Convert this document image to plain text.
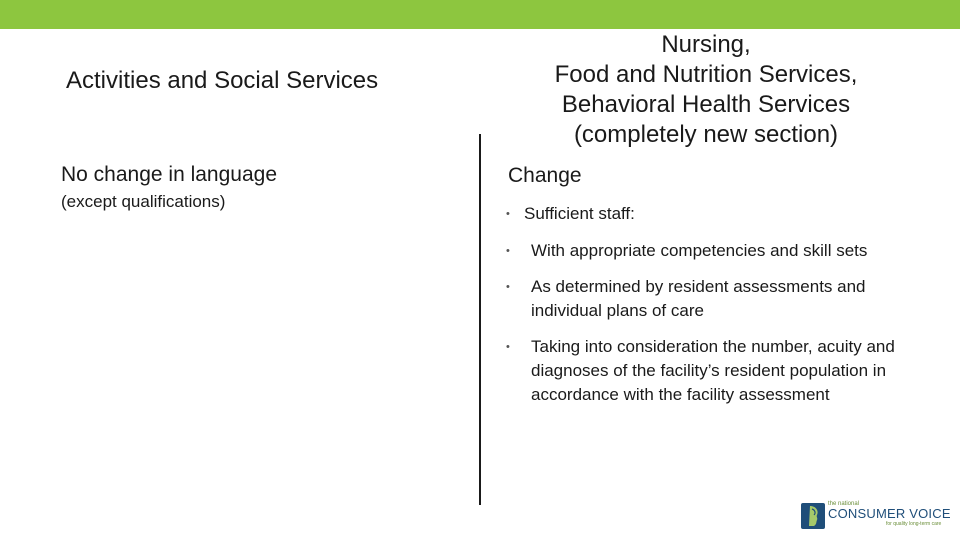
Activities and Social Services
Nursing,
Food and Nutrition Services,
Behavioral Health Services
(completely new section)
No change in language
(except qualifications)
Change
• Sufficient staff:
•	With appropriate competencies and skill sets
•	As determined by resident assessments and individual plans of care
•	Taking into consideration the number, acuity and diagnoses of the facility’s resident population in accordance with the facility assessment
the national
CONSUMER VOICE
for quality long-term care
